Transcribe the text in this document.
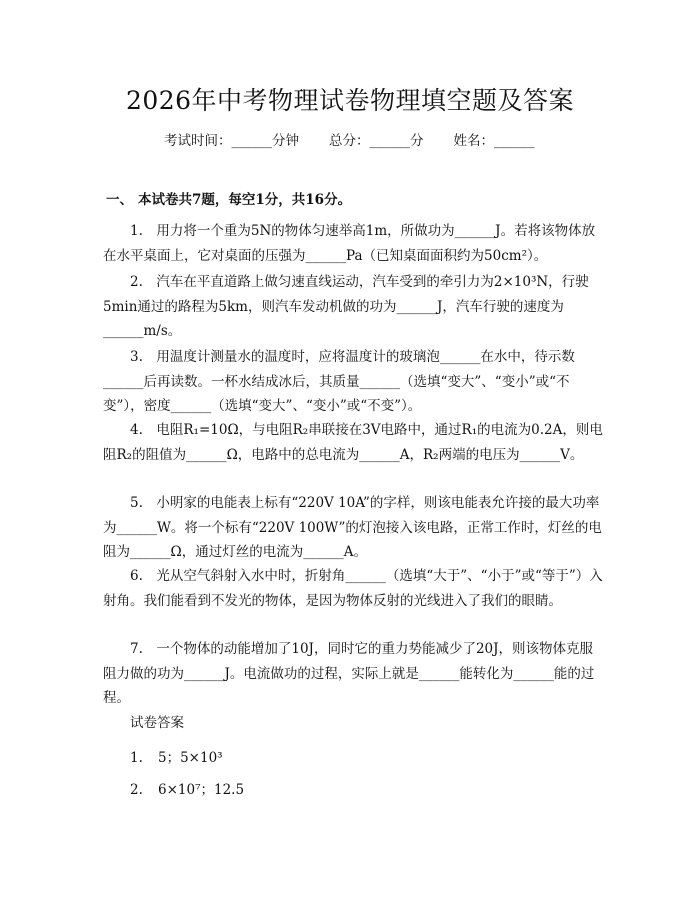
2026年中考物理试卷物理填空题及答案
考试时间：______分钟 总分：______分 姓名：______
一、 本试卷共7题，每空1分，共16分。

1.　用力将一个重为5N的物体匀速举高1m，所做功为______J。若将该物体放在水平桌面上，它对桌面的压强为______Pa（已知桌面面积约为50cm²）。

2.　汽车在平直道路上做匀速直线运动，汽车受到的牵引力为2×10³N，行驶5min通过的路程为5km，则汽车发动机做的功为______J，汽车行驶的速度为______m/s。

3.　用温度计测量水的温度时，应将温度计的玻璃泡______在水中，待示数______后再读数。一杯水结成冰后，其质量______（选填“变大”、“变小”或“不变”），密度______（选填“变大”、“变小”或“不变”）。

4.　电阻R₁=10Ω，与电阻R₂串联接在3V电路中，通过R₁的电流为0.2A，则电阻R₂的阻值为______Ω，电路中的总电流为______A，R₂两端的电压为______V。

5.　小明家的电能表上标有“220V 10A”的字样，则该电能表允许接的最大功率为______W。将一个标有“220V 100W”的灯泡接入该电路，正常工作时，灯丝的电阻为______Ω，通过灯丝的电流为______A。

6.　光从空气斜射入水中时，折射角______（选填“大于”、“小于”或“等于”）入射角。我们能看到不发光的物体，是因为物体反射的光线进入了我们的眼睛。

7.　一个物体的动能增加了10J，同时它的重力势能减少了20J，则该物体克服阻力做的功为______J。电流做功的过程，实际上就是______能转化为______能的过程。

试卷答案
1. 5；5×10³
2. 6×10⁷；12.5
